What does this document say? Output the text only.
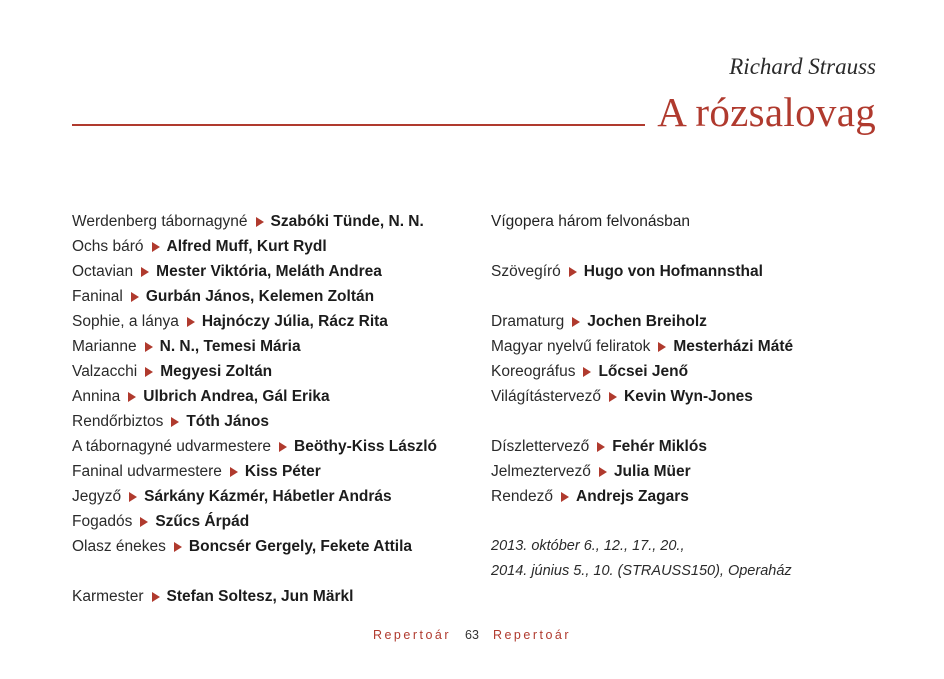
Richard Strauss
A rózsalovag
Werdenberg tábornagyné Szabóki Tünde, N. N.
Ochs báró Alfred Muff, Kurt Rydl
Octavian Mester Viktória, Meláth Andrea
Faninal Gurbán János, Kelemen Zoltán
Sophie, a lánya Hajnóczy Júlia, Rácz Rita
Marianne N. N., Temesi Mária
Valzacchi Megyesi Zoltán
Annina Ulbrich Andrea, Gál Erika
Rendőrbiztos Tóth János
A tábornagyné udvarmestere Beöthy-Kiss László
Faninal udvarmestere Kiss Péter
Jegyző Sárkány Kázmér, Hábetler András
Fogadós Szűcs Árpád
Olasz énekes Boncsér Gergely, Fekete Attila
Karmester Stefan Soltesz, Jun Märkl
Vígopera három felvonásban
Szövegíró Hugo von Hofmannsthal
Dramaturg Jochen Breiholz
Magyar nyelvű feliratok Mesterházi Máté
Koreográfus Lőcsei Jenő
Világítástervező Kevin Wyn-Jones
Díszlettervező Fehér Miklós
Jelmeztervező Julia Müer
Rendező Andrejs Zagars
2013. október 6., 12., 17., 20.,
2014. június 5., 10. (STRAUSS150), Operaház
Repertoár 63 Repertoár
